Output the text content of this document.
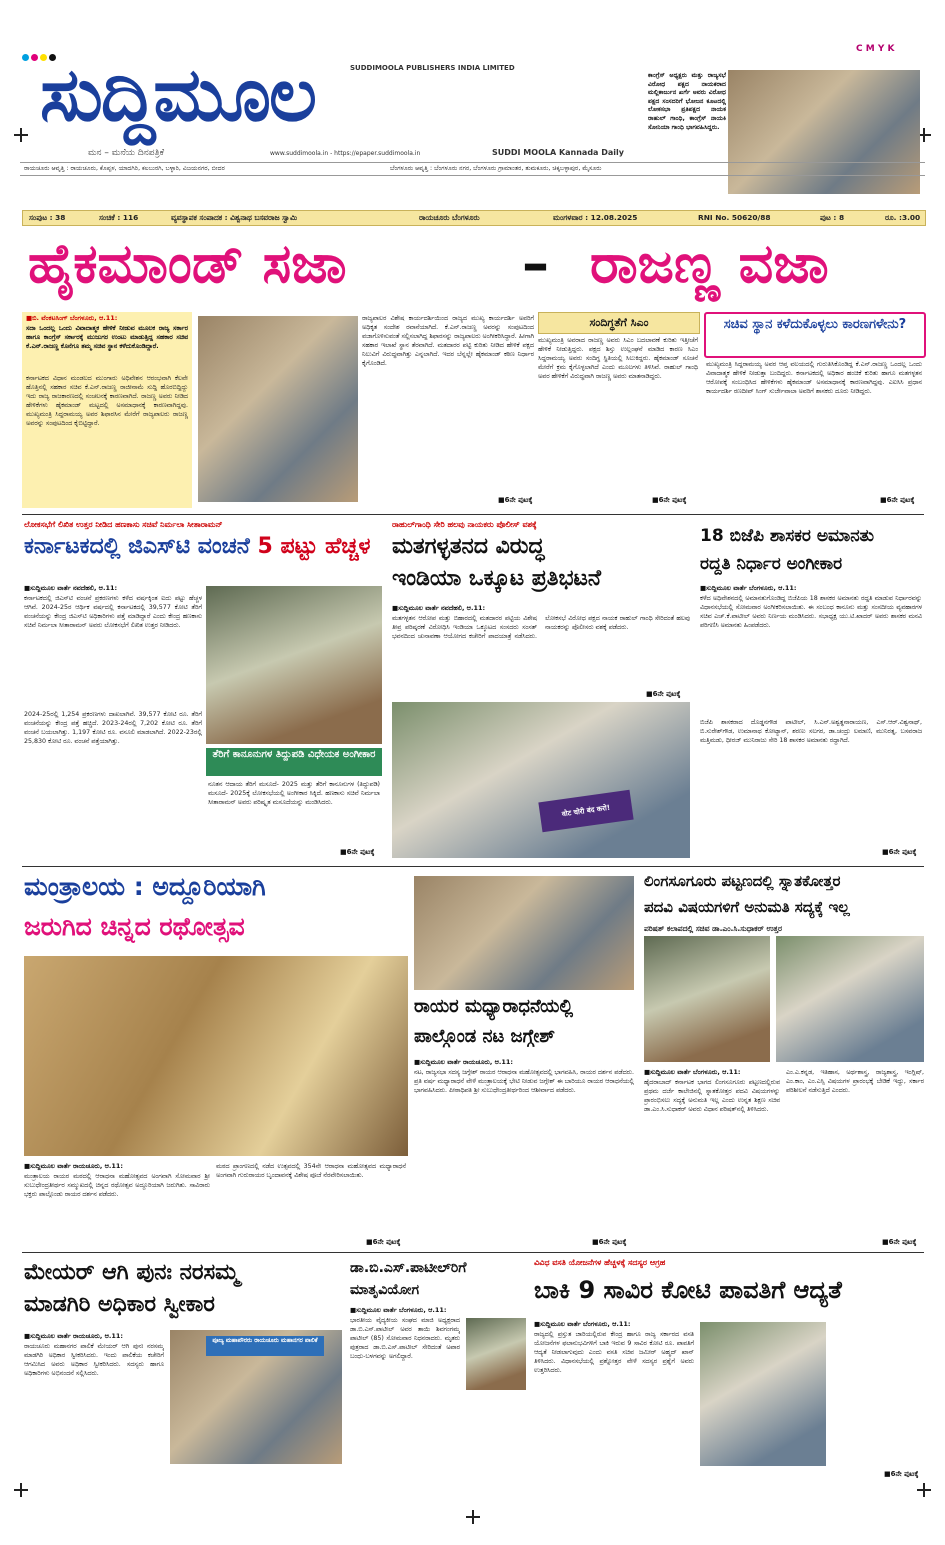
C M Y K
ಸುದ್ದಿಮೂಲ	SUDDIMOOLA PUBLISHERS INDIA LIMITED
ಮನ – ಮನೆಯ ದಿನಪತ್ರಿಕೆ	www.suddimoola.in - https://epaper.suddimoola.in	SUDDI MOOLA Kannada Daily
ಕಾಂಗ್ರೆಸ್ ಅಧ್ಯಕ್ಷರು ಮತ್ತು ರಾಜ್ಯಸಭೆ ವಿರೋಧ ಪಕ್ಷದ ನಾಯಕರಾದ ಮಲ್ಲಿಕಾರ್ಜುನ ಖರ್ಗೆ ಅವರು ವಿರೋಧ ಪಕ್ಷದ ಸಂಸದರಿಗೆ ಭೋಜನ ಕೂಟದಲ್ಲಿ ಲೋಕಸಭಾ ಪ್ರತಿಪಕ್ಷದ ನಾಯಕ ರಾಹುಲ್ ಗಾಂಧಿ, ಕಾಂಗ್ರೆಸ್ ನಾಯಕಿ ಸೋನಿಯಾ ಗಾಂಧಿ ಭಾಗವಹಿಸಿದ್ದರು.
ರಾಯಚೂರು ಆವೃತ್ತಿ : ರಾಯಚೂರು, ಕೊಪ್ಪಳ, ಯಾದಗಿರಿ, ಕಲಬುರಗಿ, ಬಳ್ಳಾರಿ, ವಿಜಯನಗರ, ಬೀದರ	ಬೆಂಗಳೂರು ಆವೃತ್ತಿ : ಬೆಂಗಳೂರು ನಗರ, ಬೆಂಗಳೂರು ಗ್ರಾಮಾಂತರ, ತುಮಕೂರು, ಚಿಕ್ಕಬಳ್ಳಾಪುರ, ಮೈಸೂರು
ಸಂಪುಟ : 38	ಸಂಚಿಕೆ : 116	ವ್ಯವಸ್ಥಾಪಕ ಸಂಪಾದಕ : ವಿಶ್ವನಾಥ ಬಸವರಾಜ ಸ್ವಾಮಿ	ರಾಯಚೂರು ಬೆಂಗಳೂರು	ಮಂಗಳವಾರ : 12.08.2025	RNI No. 50620/88	ಪುಟ : 8	ರೂ. :3.00
ಹೈಕಮಾಂಡ್ ಸಜಾ	– ರಾಜಣ್ಣ ವಜಾ
■ಬಿ. ವೆಂಕಟಸಿಂಗ್ ಬೆಂಗಳೂರು, ಆ.11:
ಸದಾ ಒಂದಲ್ಲ ಒಂದು ವಿವಾದಾತ್ಮಕ ಹೇಳಿಕೆ ನೀಡುವ ಮೂಲಕ ರಾಜ್ಯ ಸರ್ಕಾರ ಹಾಗೂ ಕಾಂಗ್ರೆಸ್ ಸರ್ಕಾರಕ್ಕೆ ಮುಜುಗರ ಉಂಟು ಮಾಡುತ್ತಿದ್ದ ಸಹಕಾರ ಸಚಿವ ಕೆ.ಎನ್.ರಾಜಣ್ಣ ಕೊನೆಗೂ ತಮ್ಮ ಸಚಿವ ಸ್ಥಾನ ಕಳೆದುಕೊಂಡಿದ್ದಾರೆ.
ಕರ್ನಾಟಕದ ವಿಧಾನ ಮಂಡಲದ ಮುಂಗಾರು ಅಧಿವೇಶನ ಆರಂಭವಾಗಿ ಕೆಲವೇ ಹೊತ್ತಿನಲ್ಲಿ ಸಹಕಾರ ಸಚಿವ ಕೆ.ಎನ್.ರಾಜಣ್ಣ ರಾಜೀನಾಮೆ ಸುದ್ದಿ ಹೊರಬಿದ್ದಿದ್ದು ಇದು ರಾಜ್ಯ ರಾಜಕಾರಣದಲ್ಲಿ ಸಂಚಲನಕ್ಕೆ ಕಾರಣವಾಗಿದೆ. ರಾಜಣ್ಣ ಅವರು ನೀಡಿದ ಹೇಳಿಕೆಗಳು ಹೈಕಮಾಂಡ್ ಮಟ್ಟದಲ್ಲಿ ಅಸಮಾಧಾನಕ್ಕೆ ಕಾರಣವಾಗಿದ್ದವು. ಮುಖ್ಯಮಂತ್ರಿ ಸಿದ್ದರಾಮಯ್ಯ ಅವರ ಶಿಫಾರಸಿನ ಮೇರೆಗೆ ರಾಜ್ಯಪಾಲರು ರಾಜಣ್ಣ ಅವರನ್ನು ಸಂಪುಟದಿಂದ ಕೈಬಿಟ್ಟಿದ್ದಾರೆ.
ರಾಜ್ಯಪಾಲರ ವಿಶೇಷ ಕಾರ್ಯದರ್ಶಿಯಿಂದ ರಾಜ್ಯದ ಮುಖ್ಯ ಕಾರ್ಯದರ್ಶಿ ಅವರಿಗೆ ಅಧಿಕೃತ ಸಂದೇಶ ರವಾನೆಯಾಗಿದೆ. ಕೆ.ಎನ್.ರಾಜಣ್ಣ ಅವರನ್ನು ಸಂಪುಟದಿಂದ ವಜಾಗೊಳಿಸುವಂತೆ ಸಲ್ಲಿಸಲಾಗಿದ್ದ ಶಿಫಾರಸನ್ನು ರಾಜ್ಯಪಾಲರು ಅಂಗೀಕರಿಸಿದ್ದಾರೆ. ಹೀಗಾಗಿ ಸಹಕಾರ ಇಲಾಖೆ ಸ್ಥಾನ ತೆರವಾಗಿದೆ. ಮತದಾರರ ಪಟ್ಟಿ ಕುರಿತು ನೀಡಿದ ಹೇಳಿಕೆ ಪಕ್ಷದ ನಿಲುವಿಗೆ ವಿರುದ್ಧವಾಗಿತ್ತು ಎನ್ನಲಾಗಿದೆ. ಇದರ ಬೆನ್ನಲ್ಲೇ ಹೈಕಮಾಂಡ್ ಕಠಿಣ ನಿರ್ಧಾರ ಕೈಗೊಂಡಿದೆ.
■6ನೇ ಪುಟಕ್ಕೆ
ಸಂದಿಗ್ಧತೆಗೆ ಸಿಎಂ
ಮುಖ್ಯಮಂತ್ರಿ ಅವರಾದ ರಾಜಣ್ಣ ಅವರು ಸಿಎಂ ಬದಲಾವಣೆ ಕುರಿತು ಇತ್ತೀಚೆಗೆ ಹೇಳಿಕೆ ನೀಡುತ್ತಿದ್ದರು. ಪಕ್ಷದ ಶಿಸ್ತು ಉಲ್ಲಂಘನೆ ಮಾಡಿದ ಕಾರಣ ಸಿಎಂ ಸಿದ್ದರಾಮಯ್ಯ ಅವರು ಸಂದಿಗ್ಧ ಸ್ಥಿತಿಯಲ್ಲಿ ಸಿಲುಕಿದ್ದರು. ಹೈಕಮಾಂಡ್ ಸೂಚನೆ ಮೇರೆಗೆ ಕ್ರಮ ಕೈಗೊಳ್ಳಲಾಗಿದೆ ಎಂದು ಮೂಲಗಳು ತಿಳಿಸಿವೆ. ರಾಹುಲ್ ಗಾಂಧಿ ಅವರ ಹೇಳಿಕೆಗೆ ವಿರುದ್ಧವಾಗಿ ರಾಜಣ್ಣ ಅವರು ಮಾತನಾಡಿದ್ದರು.
■6ನೇ ಪುಟಕ್ಕೆ
ಸಚಿವ ಸ್ಥಾನ ಕಳೆದುಕೊಳ್ಳಲು ಕಾರಣಗಳೇನು?
ಮುಖ್ಯಮಂತ್ರಿ ಸಿದ್ದರಾಮಯ್ಯ ಅವರ ಆಪ್ತ ವಲಯದಲ್ಲಿ ಗುರುತಿಸಿಕೊಂಡಿದ್ದ ಕೆ.ಎನ್.ರಾಜಣ್ಣ ಒಂದಲ್ಲ ಒಂದು ವಿವಾದಾತ್ಮಕ ಹೇಳಿಕೆ ನೀಡುತ್ತಾ ಬಂದಿದ್ದರು. ಕರ್ನಾಟಕದಲ್ಲಿ ಅಧಿಕಾರ ಹಂಚಿಕೆ ಕುರಿತು ಹಾಗೂ ಮತಗಳ್ಳತನ ಆರೋಪಕ್ಕೆ ಸಂಬಂಧಿಸಿದ ಹೇಳಿಕೆಗಳು ಹೈಕಮಾಂಡ್ ಅಸಮಾಧಾನಕ್ಕೆ ಕಾರಣವಾಗಿದ್ದವು. ಎಐಸಿಸಿ ಪ್ರಧಾನ ಕಾರ್ಯದರ್ಶಿ ರಣದೀಪ್ ಸಿಂಗ್ ಸುರ್ಜೇವಾಲಾ ಅವರಿಗೆ ಶಾಸಕರು ದೂರು ನೀಡಿದ್ದರು.
■6ನೇ ಪುಟಕ್ಕೆ
ಲೋಕಸಭೆಗೆ ಲಿಖಿತ ಉತ್ತರ ನೀಡಿದ ಹಣಕಾಸು ಸಚಿವೆ ನಿರ್ಮಲಾ ಸೀತಾರಾಮನ್
ಕರ್ನಾಟಕದಲ್ಲಿ ಜಿಎಸ್‌ಟಿ ವಂಚನೆ 5 ಪಟ್ಟು ಹೆಚ್ಚಳ
■ಸುದ್ದಿಮೂಲ ವಾರ್ತೆ ನವದೆಹಲಿ, ಆ.11:
ಕರ್ನಾಟಕದಲ್ಲಿ ಜಿಎಸ್‌ಟಿ ವಂಚನೆ ಪ್ರಕರಣಗಳು ಕಳೆದ ವರ್ಷಕ್ಕಿಂತ ಐದು ಪಟ್ಟು ಹೆಚ್ಚಳ ಆಗಿವೆ. 2024-25ರ ಆರ್ಥಿಕ ವರ್ಷದಲ್ಲಿ ಕರ್ನಾಟಕದಲ್ಲಿ 39,577 ಕೋಟಿ ತೆರಿಗೆ ವಂಚನೆಯನ್ನು ಕೇಂದ್ರ ಜಿಎಸ್‌ಟಿ ಅಧಿಕಾರಿಗಳು ಪತ್ತೆ ಮಾಡಿದ್ದಾರೆ ಎಂದು ಕೇಂದ್ರ ಹಣಕಾಸು ಸಚಿವೆ ನಿರ್ಮಲಾ ಸೀತಾರಾಮನ್ ಅವರು ಲೋಕಸಭೆಗೆ ಲಿಖಿತ ಉತ್ತರ ನೀಡಿದರು.
2024-25ರಲ್ಲಿ 1,254 ಪ್ರಕರಣಗಳು ದಾಖಲಾಗಿವೆ. 39,577 ಕೋಟಿ ರೂ. ತೆರಿಗೆ ವಂಚನೆಯನ್ನು ಕೇಂದ್ರ ಪತ್ತೆ ಹಚ್ಚಿದೆ. 2023-24ರಲ್ಲಿ 7,202 ಕೋಟಿ ರೂ. ತೆರಿಗೆ ವಂಚನೆ ಬಯಲಾಗಿತ್ತು. 1,197 ಕೋಟಿ ರೂ. ವಸೂಲಿ ಮಾಡಲಾಗಿದೆ. 2022-23ರಲ್ಲಿ 25,830 ಕೋಟಿ ರೂ. ವಂಚನೆ ಪತ್ತೆಯಾಗಿತ್ತು.
ತೆರಿಗೆ ಕಾನೂನುಗಳ ತಿದ್ದುಪಡಿ ವಿಧೇಯಕ ಅಂಗೀಕಾರ
ನೂತನ ಆದಾಯ ತೆರಿಗೆ ಮಸೂದೆ- 2025 ಮತ್ತು ತೆರಿಗೆ ಕಾನೂನುಗಳ (ತಿದ್ದುಪಡಿ) ಮಸೂದೆ- 2025ಕ್ಕೆ ಲೋಕಸಭೆಯಲ್ಲಿ ಅಂಗೀಕಾರ ಸಿಕ್ಕಿದೆ. ಹಣಕಾಸು ಸಚಿವೆ ನಿರ್ಮಲಾ ಸೀತಾರಾಮನ್ ಅವರು ಪರಿಷ್ಕೃತ ಮಸೂದೆಯನ್ನು ಮಂಡಿಸಿದರು.
■6ನೇ ಪುಟಕ್ಕೆ
ರಾಹುಲ್‌ಗಾಂಧಿ ಸೇರಿ ಹಲವು ನಾಯಕರು ಪೊಲೀಸ್ ವಶಕ್ಕೆ
ಮತಗಳ್ಳತನದ ವಿರುದ್ಧ
ಇಂಡಿಯಾ ಒಕ್ಕೂಟ ಪ್ರತಿಭಟನೆ
■ಸುದ್ದಿಮೂಲ ವಾರ್ತೆ ನವದೆಹಲಿ, ಆ.11:
ಮತಗಳ್ಳತನ ಆರೋಪ ಮತ್ತು ಬಿಹಾರದಲ್ಲಿ ಮತದಾರರ ಪಟ್ಟಿಯ ವಿಶೇಷ ತೀವ್ರ ಪರಿಷ್ಕರಣೆ ವಿರೋಧಿಸಿ ಇಂಡಿಯಾ ಒಕ್ಕೂಟದ ಸಂಸದರು ಸಂಸತ್ ಭವನದಿಂದ ಚುನಾವಣಾ ಆಯೋಗದ ಕಚೇರಿಗೆ ಪಾದಯಾತ್ರೆ ನಡೆಸಿದರು. ಲೋಕಸಭೆ ವಿರೋಧ ಪಕ್ಷದ ನಾಯಕ ರಾಹುಲ್ ಗಾಂಧಿ ಸೇರಿದಂತೆ ಹಲವು ನಾಯಕರನ್ನು ಪೊಲೀಸರು ವಶಕ್ಕೆ ಪಡೆದರು.
■6ನೇ ಪುಟಕ್ಕೆ
वोट चोरी बंद करो!
18 ಬಿಜೆಪಿ ಶಾಸಕರ ಅಮಾನತು
ರದ್ದತಿ ನಿರ್ಧಾರ ಅಂಗೀಕಾರ
■ಸುದ್ದಿಮೂಲ ವಾರ್ತೆ ಬೆಂಗಳೂರು, ಆ.11:
ಕಳೆದ ಅಧಿವೇಶನದಲ್ಲಿ ಅಮಾನತುಗೊಂಡಿದ್ದ ಬಿಜೆಪಿಯ 18 ಶಾಸಕರ ಅಮಾನತು ರದ್ದತಿ ಮಾಡುವ ನಿರ್ಧಾರವನ್ನು ವಿಧಾನಸಭೆಯಲ್ಲಿ ಸೋಮವಾರ ಅಂಗೀಕರಿಸಲಾಯಿತು. ಈ ಸಂಬಂಧ ಕಾನೂನು ಮತ್ತು ಸಂಸದೀಯ ವ್ಯವಹಾರಗಳ ಸಚಿವ ಎಚ್.ಕೆ.ಪಾಟೀಲ್ ಅವರು ನಿರ್ಣಯ ಮಂಡಿಸಿದರು. ಸಭಾಧ್ಯಕ್ಷ ಯು.ಟಿ.ಖಾದರ್ ಅವರು ಶಾಸಕರ ಮನವಿ ಪರಿಗಣಿಸಿ ಅಮಾನತು ಹಿಂಪಡೆದರು.
ಬಿಜೆಪಿ ಶಾಸಕರಾದ ದೊಡ್ಡನಗೌಡ ಪಾಟೀಲ್, ಸಿ.ಎನ್.ಅಶ್ವತ್ಥನಾರಾಯಣ, ಎಸ್.ಆರ್.ವಿಶ್ವನಾಥ್, ಬಿ.ಸುರೇಶ್‌ಗೌಡ, ಉಮಾನಾಥ ಕೋಟ್ಯಾನ್, ಶರಣು ಸಲಗರ, ಡಾ.ಚಂದ್ರು ಲಮಾಣಿ, ಮುನಿರತ್ನ, ಬಸವರಾಜ ಮತ್ತಿಮಡು, ಧೀರಜ್ ಮುನಿರಾಜು ಸೇರಿ 18 ಶಾಸಕರ ಅಮಾನತು ರದ್ದಾಗಿದೆ.
■6ನೇ ಪುಟಕ್ಕೆ
ಮಂತ್ರಾಲಯ : ಅದ್ದೂರಿಯಾಗಿ
ಜರುಗಿದ ಚಿನ್ನದ ರಥೋತ್ಸವ
■ಸುದ್ದಿಮೂಲ ವಾರ್ತೆ ರಾಯಚೂರು, ಆ.11:
ಮಂತ್ರಾಲಯ ರಾಯರ ಮಠದಲ್ಲಿ ಆರಾಧನಾ ಮಹೋತ್ಸವದ ಅಂಗವಾಗಿ ಸೋಮವಾರ ಶ್ರೀ ಸುಬುಧೇಂದ್ರತೀರ್ಥರ ಸಮ್ಮುಖದಲ್ಲಿ ಚಿನ್ನದ ರಥೋತ್ಸವ ಅದ್ದೂರಿಯಾಗಿ ಜರುಗಿತು. ಸಾವಿರಾರು ಭಕ್ತರು ಪಾಲ್ಗೊಂಡು ರಾಯರ ದರ್ಶನ ಪಡೆದರು.
ಮಠದ ಪ್ರಾಂಗಣದಲ್ಲಿ ನಡೆದ ಉತ್ಸವದಲ್ಲಿ 354ನೇ ಆರಾಧನಾ ಮಹೋತ್ಸವದ ಮಧ್ಯಾರಾಧನೆ ಅಂಗವಾಗಿ ಗುರುರಾಯರ ಬೃಂದಾವನಕ್ಕೆ ವಿಶೇಷ ಪೂಜೆ ನೆರವೇರಿಸಲಾಯಿತು.
■6ನೇ ಪುಟಕ್ಕೆ
ರಾಯರ ಮಧ್ಯಾರಾಧನೆಯಲ್ಲಿ
ಪಾಲ್ಗೊಂಡ ನಟ ಜಗ್ಗೇಶ್
■ಸುದ್ದಿಮೂಲ ವಾರ್ತೆ ರಾಯಚೂರು, ಆ.11:
ನಟ, ರಾಜ್ಯಸಭಾ ಸದಸ್ಯ ಜಗ್ಗೇಶ್ ರಾಯರ ಆರಾಧನಾ ಮಹೋತ್ಸವದಲ್ಲಿ ಭಾಗವಹಿಸಿ, ರಾಯರ ದರ್ಶನ ಪಡೆದರು. ಪ್ರತಿ ವರ್ಷ ಮಧ್ಯಾರಾಧನೆ ವೇಳೆ ಮಂತ್ರಾಲಯಕ್ಕೆ ಭೇಟಿ ನೀಡುವ ಜಗ್ಗೇಶ್ ಈ ಬಾರಿಯೂ ರಾಯರ ಆರಾಧನೆಯಲ್ಲಿ ಭಾಗವಹಿಸಿದರು. ಪೀಠಾಧಿಪತಿ ಶ್ರೀ ಸುಬುಧೇಂದ್ರತೀರ್ಥರಿಂದ ಆಶೀರ್ವಾದ ಪಡೆದರು.
■6ನೇ ಪುಟಕ್ಕೆ
ಲಿಂಗಸೂಗೂರು ಪಟ್ಟಣದಲ್ಲಿ ಸ್ನಾತಕೋತ್ತರ
ಪದವಿ ವಿಷಯಗಳಿಗೆ ಅನುಮತಿ ಸದ್ಯಕ್ಕೆ ಇಲ್ಲ
ಪರಿಷತ್ ಕಲಾಪದಲ್ಲಿ ಸಚಿವ ಡಾ.ಎಂ.ಸಿ.ಸುಧಾಕರ್ ಉತ್ತರ
■ಸುದ್ದಿಮೂಲ ವಾರ್ತೆ ಬೆಂಗಳೂರು, ಆ.11:
ಹೈದರಾಬಾದ್ ಕರ್ನಾಟಕ ಭಾಗದ ಲಿಂಗಸೂಗೂರು ಪಟ್ಟಣದಲ್ಲಿರುವ ಪ್ರಥಮ ದರ್ಜೆ ಕಾಲೇಜಿನಲ್ಲಿ ಸ್ನಾತಕೋತ್ತರ ಪದವಿ ವಿಷಯಗಳನ್ನು ಪ್ರಾರಂಭಿಸಲು ಸದ್ಯಕ್ಕೆ ಅನುಮತಿ ಇಲ್ಲ ಎಂದು ಉನ್ನತ ಶಿಕ್ಷಣ ಸಚಿವ ಡಾ.ಎಂ.ಸಿ.ಸುಧಾಕರ್ ಅವರು ವಿಧಾನ ಪರಿಷತ್‌ನಲ್ಲಿ ತಿಳಿಸಿದರು.
ಎಂ.ಎ.ಕನ್ನಡ, ಇತಿಹಾಸ, ಅರ್ಥಶಾಸ್ತ್ರ, ರಾಜ್ಯಶಾಸ್ತ್ರ, ಇಂಗ್ಲಿಷ್, ಎಂ.ಕಾಂ, ಎಂ.ಎಸ್ಸಿ ವಿಷಯಗಳ ಪ್ರಾರಂಭಕ್ಕೆ ಬೇಡಿಕೆ ಇದ್ದು, ಸರ್ಕಾರ ಪರಿಶೀಲನೆ ನಡೆಸುತ್ತಿದೆ ಎಂದರು.
■6ನೇ ಪುಟಕ್ಕೆ
ಮೇಯರ್ ಆಗಿ ಪುನಃ ನರಸಮ್ಮ
ಮಾಡಗಿರಿ ಅಧಿಕಾರ ಸ್ವೀಕಾರ
■ಸುದ್ದಿಮೂಲ ವಾರ್ತೆ ರಾಯಚೂರು, ಆ.11:
ರಾಯಚೂರು ಮಹಾನಗರ ಪಾಲಿಕೆ ಮೇಯರ್ ಆಗಿ ಪುನಃ ನರಸಮ್ಮ ಮಾಡಗಿರಿ ಅಧಿಕಾರ ಸ್ವೀಕರಿಸಿದರು. ಇಂದು ಪಾಲಿಕೆಯ ಕಚೇರಿಗೆ ಆಗಮಿಸಿದ ಅವರು ಅಧಿಕಾರ ಸ್ವೀಕರಿಸಿದರು. ಸದಸ್ಯರು ಹಾಗೂ ಅಧಿಕಾರಿಗಳು ಅಭಿನಂದನೆ ಸಲ್ಲಿಸಿದರು.
ಪೂಜ್ಯ ಮಹಾಪೌರರು ರಾಯಚೂರು ಮಹಾನಗರ ಪಾಲಿಕೆ
ಡಾ.ಬಿ.ಎಸ್.ಪಾಟೀಲ್‌ರಿಗೆ
ಮಾತೃವಿಯೋಗ
■ಸುದ್ದಿಮೂಲ ವಾರ್ತೆ ಬೆಂಗಳೂರು, ಆ.11:
ಭಾರತೀಯ ವೈದ್ಯಕೀಯ ಸಂಘದ ಮಾಜಿ ಅಧ್ಯಕ್ಷರಾದ ಡಾ.ಬಿ.ಎಸ್.ಪಾಟೀಲ್ ಅವರ ತಾಯಿ ಶಿವಗಂಗಮ್ಮ ಪಾಟೀಲ್ (85) ಸೋಮವಾರ ನಿಧನರಾದರು. ಮೃತರು ಪುತ್ರರಾದ ಡಾ.ಬಿ.ಎಸ್.ಪಾಟೀಲ್ ಸೇರಿದಂತೆ ಅಪಾರ ಬಂಧು-ಬಳಗವನ್ನು ಅಗಲಿದ್ದಾರೆ.
ವಿವಿಧ ವಸತಿ ಯೋಜನೆಗಳ ಹೆಚ್ಚಳಕ್ಕೆ ಸದಸ್ಯರ ಆಗ್ರಹ
ಬಾಕಿ 9 ಸಾವಿರ ಕೋಟಿ ಪಾವತಿಗೆ ಆದ್ಯತೆ
■ಸುದ್ದಿಮೂಲ ವಾರ್ತೆ ಬೆಂಗಳೂರು, ಆ.11:
ರಾಜ್ಯದಲ್ಲಿ ಪ್ರಸ್ತುತ ಜಾರಿಯಲ್ಲಿರುವ ಕೇಂದ್ರ ಹಾಗೂ ರಾಜ್ಯ ಸರ್ಕಾರದ ವಸತಿ ಯೋಜನೆಗಳ ಫಲಾನುಭವಿಗಳಿಗೆ ಬಾಕಿ ಇರುವ 9 ಸಾವಿರ ಕೋಟಿ ರೂ. ಪಾವತಿಗೆ ಆದ್ಯತೆ ನೀಡಲಾಗುವುದು ಎಂದು ವಸತಿ ಸಚಿವ ಜಮೀರ್ ಅಹ್ಮದ್ ಖಾನ್ ತಿಳಿಸಿದರು. ವಿಧಾನಸಭೆಯಲ್ಲಿ ಪ್ರಶ್ನೋತ್ತರ ವೇಳೆ ಸದಸ್ಯರ ಪ್ರಶ್ನೆಗೆ ಅವರು ಉತ್ತರಿಸಿದರು.
■6ನೇ ಪುಟಕ್ಕೆ
